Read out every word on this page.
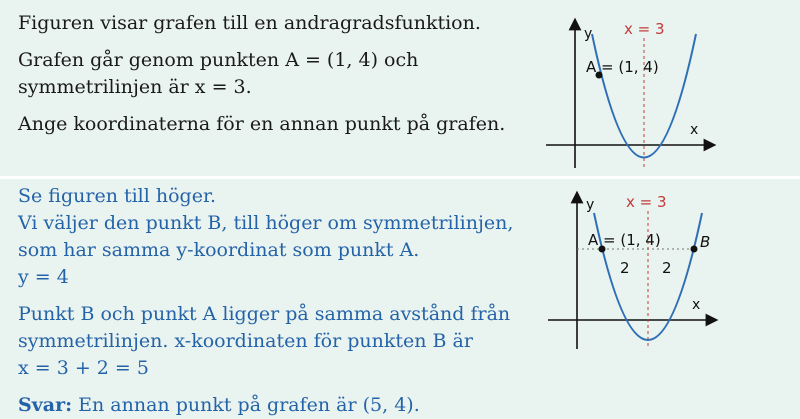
Figuren visar grafen till en andragradsfunktion.
Grafen går genom punkten A = (1, 4) och
symmetrilinjen är x = 3.
Ange koordinaterna för en annan punkt på grafen.
Se figuren till höger.
Vi väljer den punkt B, till höger om symmetrilinjen,
som har samma y-koordinat som punkt A.
y = 4
Punkt B och punkt A ligger på samma avstånd från
symmetrilinjen. x-koordinaten för punkten B är
x = 3 + 2 = 5
Svar: En annan punkt på grafen är (5, 4).
y
x
x = 3
A = (1, 4)
y
x
x = 3
A = (1, 4)	B
2 2
